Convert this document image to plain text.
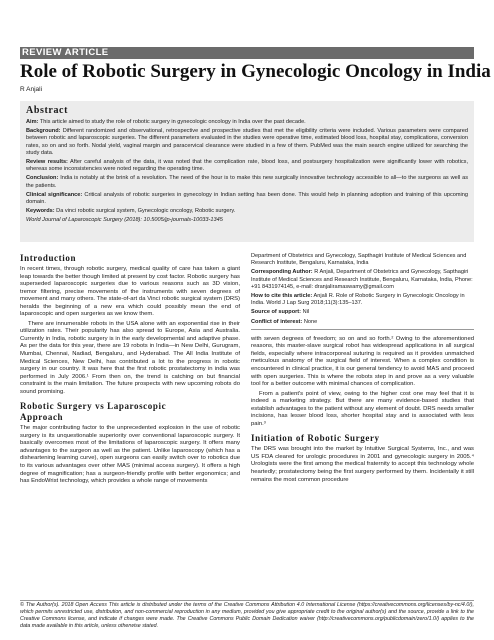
REVIEW ARTICLE
Role of Robotic Surgery in Gynecologic Oncology in India
R Anjali
Abstract

Aim: This article aimed to study the role of robotic surgery in gynecologic oncology in India over the past decade.

Background: Different randomized and observational, retrospective and prospective studies that met the eligibility criteria were included. Various parameters were compared between robotic and laparoscopic surgeries. The different parameters evaluated in the studies were operative time, estimated blood loss, hospital stay, complications, conversion rates, so on and so forth. Nodal yield, vaginal margin and paracervical clearance were studied in a few of them. PubMed was the main search engine utilized for searching the study data.

Review results: After careful analysis of the data, it was noted that the complication rate, blood loss, and postsurgery hospitalization were significantly lower with robotics, whereas some inconsistencies were noted regarding the operating time.

Conclusion: India is notably at the brink of a revolution. The need of the hour is to make this new surgically innovative technology accessible to all—to the surgeons as well as the patients.

Clinical significance: Critical analysis of robotic surgeries in gynecology in Indian setting has been done. This would help in planning adoption and training of this upcoming domain.

Keywords: Da vinci robotic surgical system, Gynecologic oncology, Robotic surgery.

World Journal of Laparoscopic Surgery (2018): 10.5005/jp-journals-10033-1345

Introduction

In recent times, through robotic surgery, medical quality of care has taken a giant leap towards the better though limited at present by cost factor. Robotic surgery has superseded laparoscopic surgeries due to various reasons such as 3D vision, tremor filtering, precise movements of the instruments with seven degrees of movement and many others. The state-of-art da Vinci robotic surgical system (DRS) heralds the beginning of a new era which could possibly mean the end of laparoscopic and open surgeries as we know them.

There are innumerable robots in the USA alone with an exponential rise in their utilization rates. Their popularity has also spread to Europe, Asia and Australia. Currently in India, robotic surgery is in the early developmental and adaptive phase. As per the data for this year, there are 19 robots in India—in New Delhi, Gurugram, Mumbai, Chennai, Nadiad, Bengaluru, and Hyderabad. The All India Institute of Medical Sciences, New Delhi, has contributed a lot to the progress in robotic surgery in our country. It was here that the first robotic prostatectomy in india was performed in July 2006.¹ From then on, the trend is catching on but financial constraint is the main limitation. The future prospects with new upcoming robots do sound promising.

Robotic Surgery vs Laparoscopic
Approach

The major contributing factor to the unprecedented explosion in the use of robotic surgery is its unquestionable superiority over conventional laparoscopic surgery. It basically overcomes most of the limitations of laparoscopic surgery. It offers many advantages to the surgeon as well as the patient. Unlike laparoscopy (which has a disheartening learning curve), open surgeons can easily switch over to robotics due to its various advantages over other MAS (minimal access surgery). It offers a high degree of magnification; has a surgeon-friendly profile with better ergonomics; and has EndoWrist technology, which provides a whole range of movements

Department of Obstetrics and Gynecology, Sapthagiri Institute of Medical Sciences and Research Institute, Bengaluru, Karnataka, India

Corresponding Author: R Anjali, Department of Obstetrics and Gynecology, Sapthagiri Institute of Medical Sciences and Research Institute, Bengaluru, Karnataka, India, Phone: +91 8431974145, e-mail: dranjaliramaswamy@gmail.com

How to cite this article: Anjali R. Role of Robotic Surgery in Gynecologic Oncology in India. World J Lap Surg 2018;11(3):135–137.

Source of support: Nil

Conflict of interest: None

with seven degrees of freedom; so on and so forth.² Owing to the aforementioned reasons, this master-slave surgical robot has widespread applications in all surgical fields, especially where intracorporeal suturing is required as it provides unmatched meticulous anatomy of the surgical field of interest. When a complex condition is encountered in clinical practice, it is our general tendency to avoid MAS and proceed with open surgeries. This is where the robots step in and prove as a very valuable tool for a better outcome with minimal chances of complication.

From a patient's point of view, owing to the higher cost one may feel that it is indeed a marketing strategy. But there are many evidence-based studies that establish advantages to the patient without any element of doubt. DRS needs smaller incisions, has lesser blood loss, shorter hospital stay and is associated with less pain.³

Initiation of Robotic Surgery

The DRS was brought into the market by Intuitive Surgical Systems, Inc., and was US FDA cleared for urologic procedures in 2001 and gynecologic surgery in 2005.⁴ Urologists were the first among the medical fraternity to accept this technology whole heartedly; prostatectomy being the first surgery performed by them. Incidentally it still remains the most common procedure

© The Author(s). 2018 Open Access This article is distributed under the terms of the Creative Commons Attribution 4.0 International License (https://creativecommons.org/licenses/by-nc/4.0/), which permits unrestricted use, distribution, and non-commercial reproduction in any medium, provided you give appropriate credit to the original author(s) and the source, provide a link to the Creative Commons license, and indicate if changes were made. The Creative Commons Public Domain Dedication waiver (http://creativecommons.org/publicdomain/zero/1.0/) applies to the data made available in this article, unless otherwise stated.
